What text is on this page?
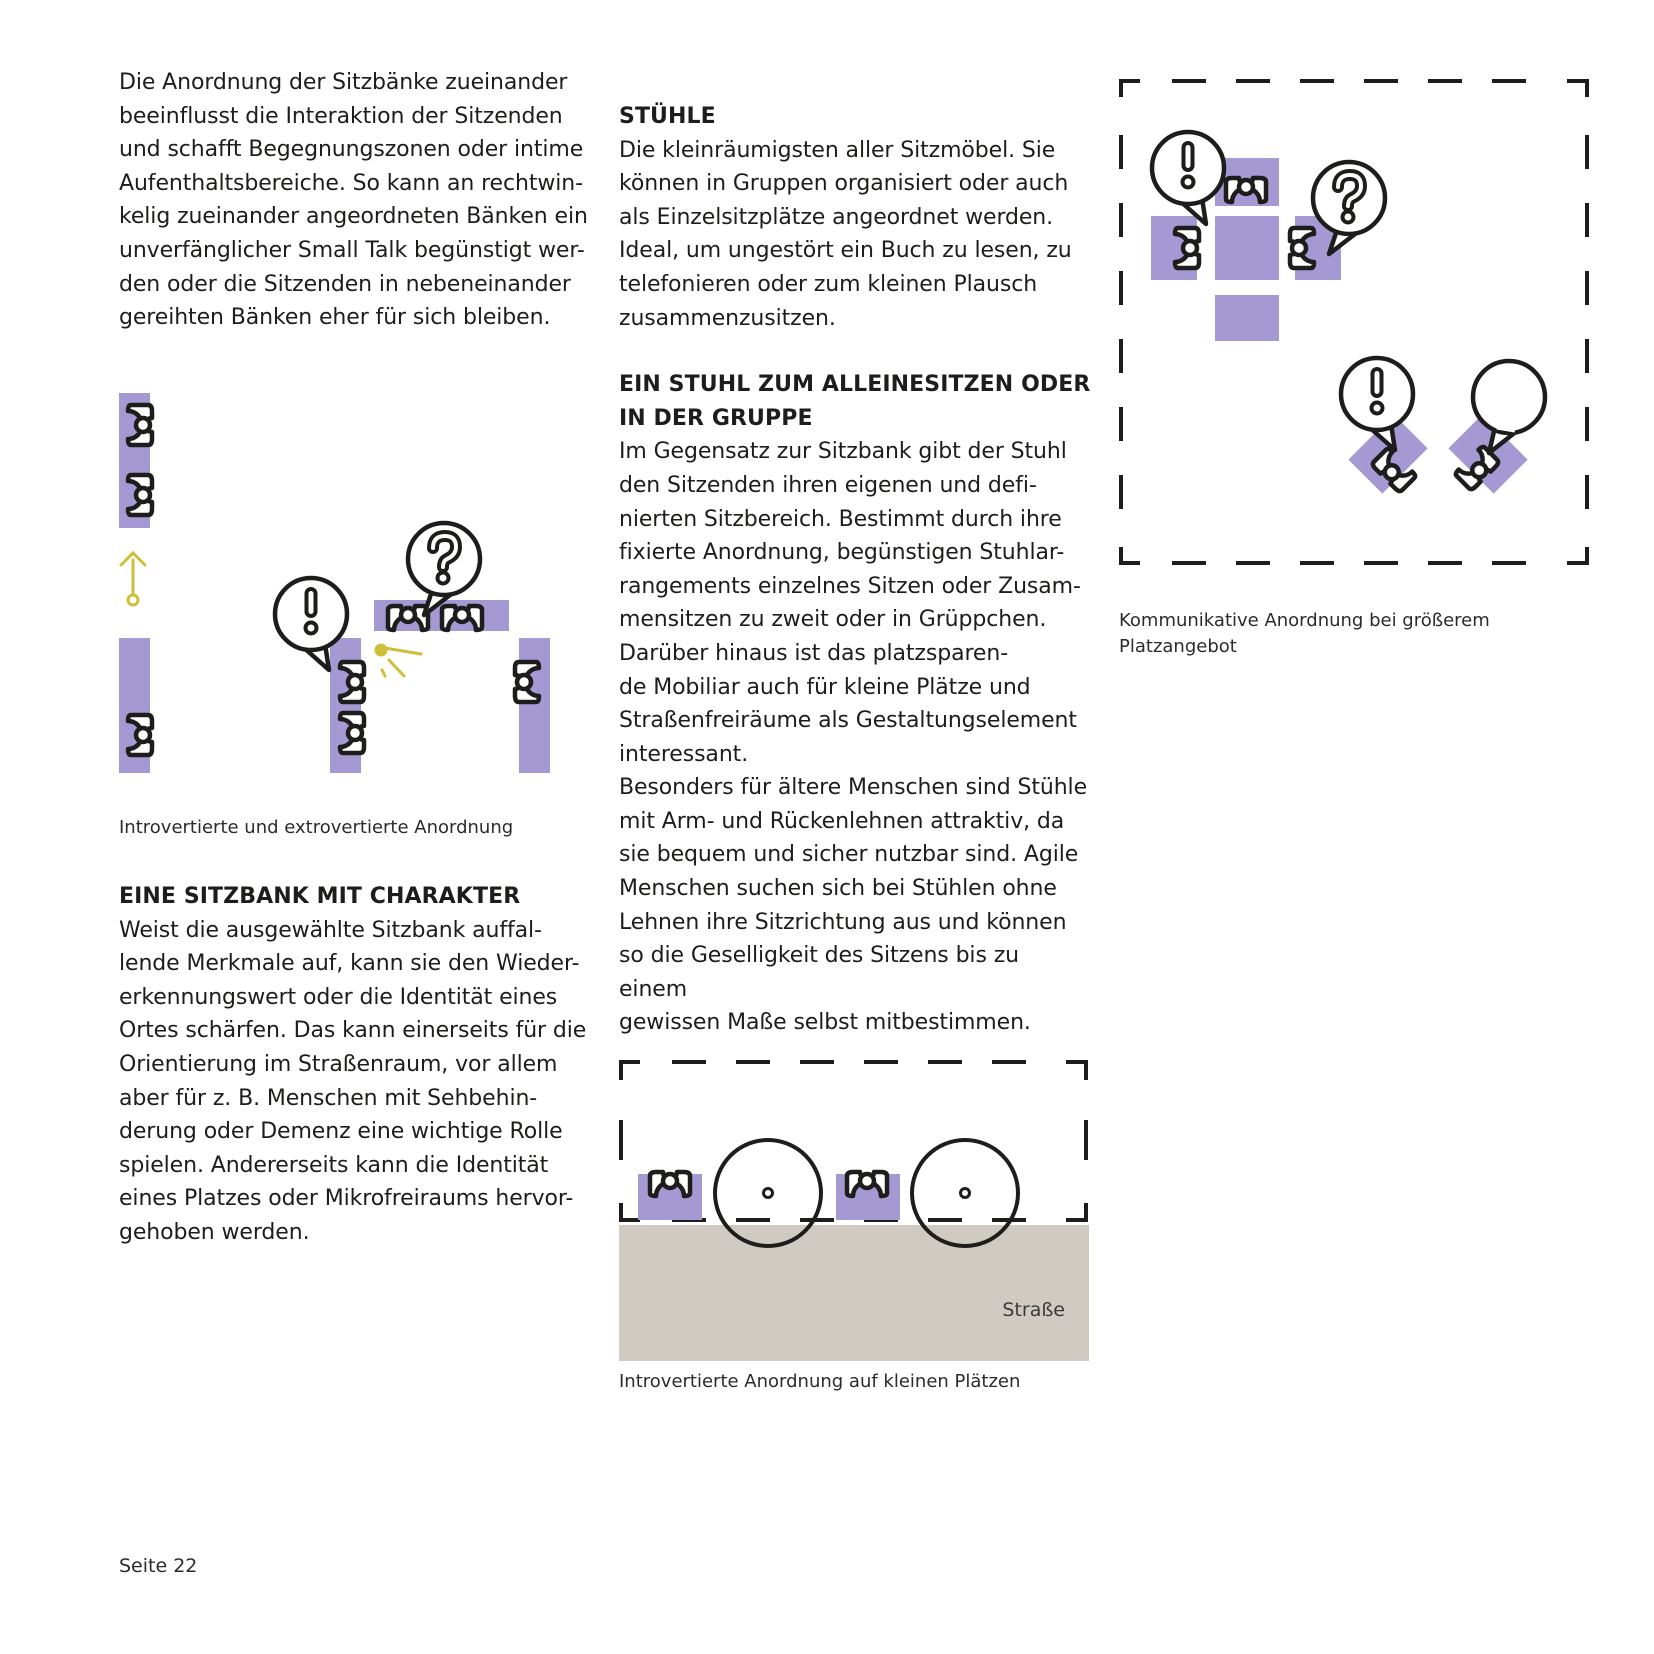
Die Anordnung der Sitzbänke zueinander
beeinflusst die Interaktion der Sitzenden
und schafft Begegnungszonen oder intime
Aufenthaltsbereiche. So kann an rechtwin-
kelig zueinander angeordneten Bänken ein
unverfänglicher Small Talk begünstigt wer-
den oder die Sitzenden in nebeneinander
gereihten Bänken eher für sich bleiben.

Introvertierte und extrovertierte Anordnung
EINE SITZBANK MIT CHARAKTER

Weist die ausgewählte Sitzbank auffal-
lende Merkmale auf, kann sie den Wieder-
erkennungswert oder die Identität eines
Ortes schärfen. Das kann einerseits für die
Orientierung im Straßenraum, vor allem
aber für z. B. Menschen mit Sehbehin-
derung oder Demenz eine wichtige Rolle
spielen. Andererseits kann die Identität
eines Platzes oder Mikrofreiraums hervor-
gehoben werden.

STÜHLE

Die kleinräumigsten aller Sitzmöbel. Sie
können in Gruppen organisiert oder auch
als Einzelsitzplätze angeordnet werden.
Ideal, um ungestört ein Buch zu lesen, zu
telefonieren oder zum kleinen Plausch
zusammenzusitzen.

EIN STUHL ZUM ALLEINESITZEN ODER
IN DER GRUPPE

Im Gegensatz zur Sitzbank gibt der Stuhl
den Sitzenden ihren eigenen und defi-
nierten Sitzbereich. Bestimmt durch ihre
fixierte Anordnung, begünstigen Stuhlar-
rangements einzelnes Sitzen oder Zusam-
mensitzen zu zweit oder in Grüppchen.
Darüber hinaus ist das platzsparen-
de Mobiliar auch für kleine Plätze und
Straßenfreiräume als Gestaltungselement
interessant.
Besonders für ältere Menschen sind Stühle
mit Arm- und Rückenlehnen attraktiv, da
sie bequem und sicher nutzbar sind. Agile
Menschen suchen sich bei Stühlen ohne
Lehnen ihre Sitzrichtung aus und können
so die Geselligkeit des Sitzens bis zu einem
gewissen Maße selbst mitbestimmen.

Straße
Introvertierte Anordnung auf kleinen Plätzen
Kommunikative Anordnung bei größerem
Platzangebot
Seite 22
